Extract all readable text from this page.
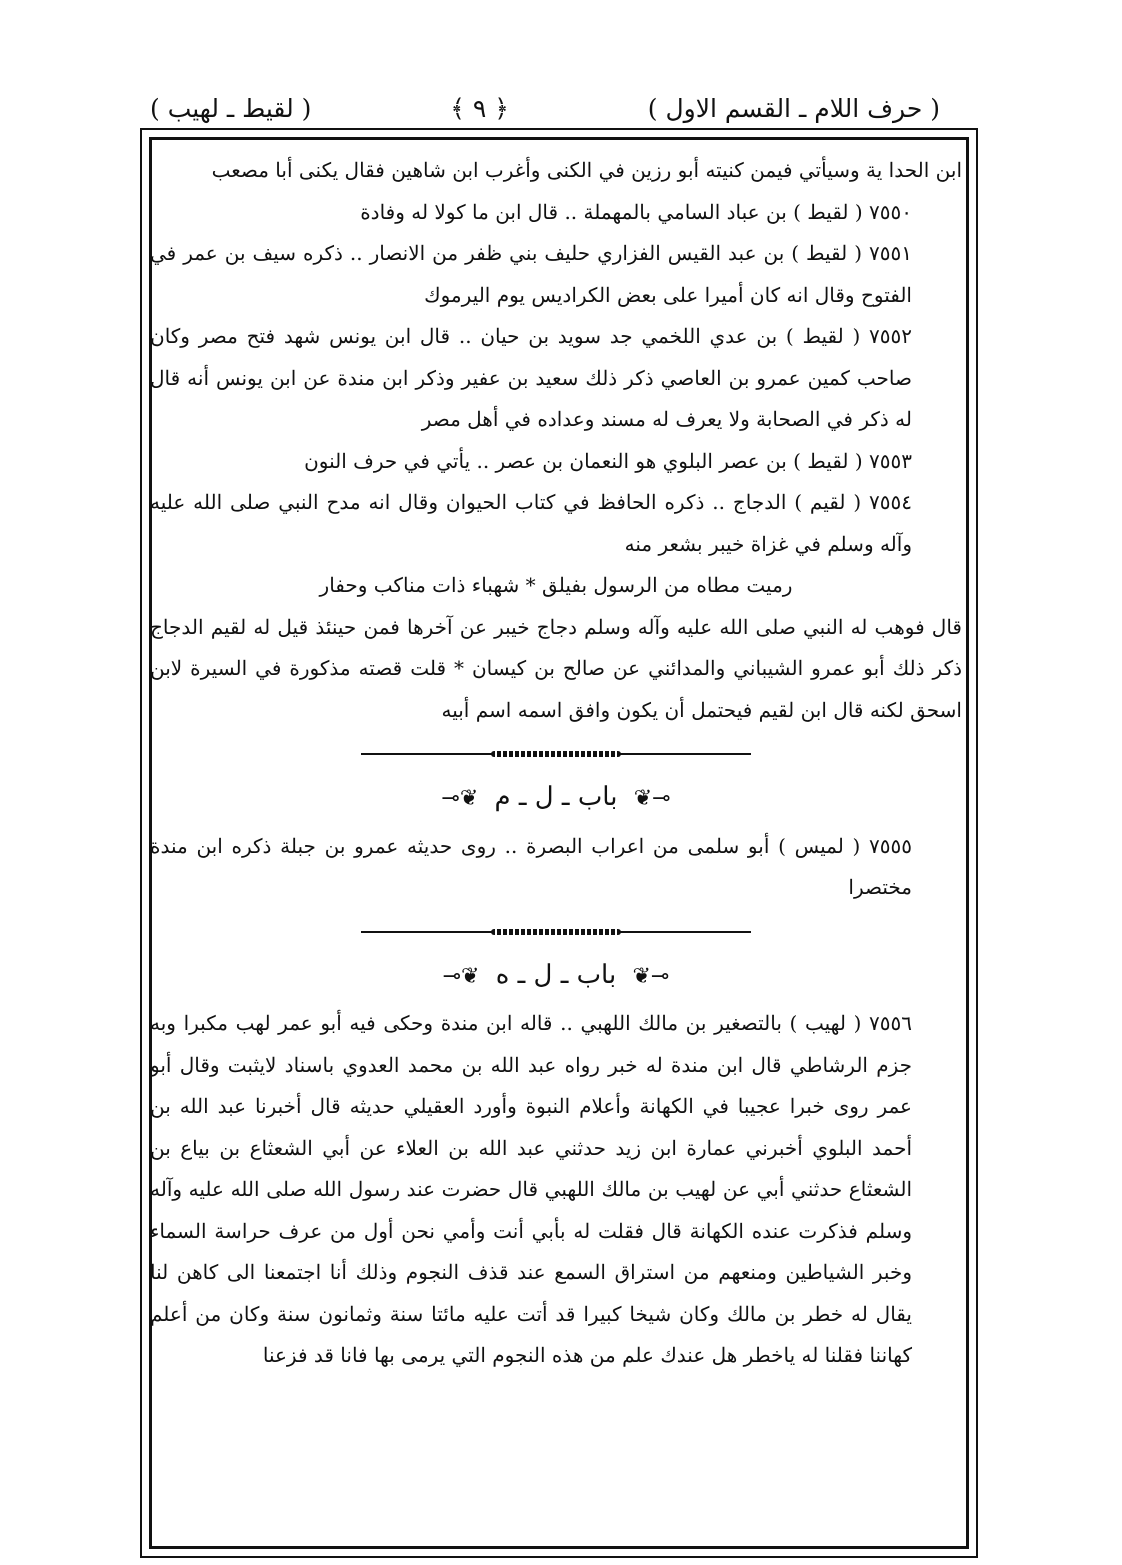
( حرف اللام ـ القسم الاول )
﴿ ٩ ﴾
( لقيط ـ لهيب )

ابن الحدا ية وسيأتي فيمن كنيته أبو رزين في الكنى وأغرب ابن شاهين فقال يكنى أبا مصعب

٧٥٥٠ ( لقيط ) بن عباد السامي بالمهملة .. قال ابن ما كولا له وفادة

٧٥٥١ ( لقيط ) بن عبد القيس الفزاري حليف بني ظفر من الانصار .. ذكره سيف بن عمر في الفتوح وقال انه كان أميرا على بعض الكراديس يوم اليرموك

٧٥٥٢ ( لقيط ) بن عدي اللخمي جد سويد بن حيان .. قال ابن يونس شهد فتح مصر وكان صاحب كمين عمرو بن العاصي ذكر ذلك سعيد بن عفير وذكر ابن مندة عن ابن يونس أنه قال له ذكر في الصحابة ولا يعرف له مسند وعداده في أهل مصر

٧٥٥٣ ( لقيط ) بن عصر البلوي هو النعمان بن عصر .. يأتي في حرف النون

٧٥٥٤ ( لقيم ) الدجاج .. ذكره الحافظ في كتاب الحيوان وقال انه مدح النبي صلى الله عليه وآله وسلم في غزاة خيبر بشعر منه

رميت مطاه من الرسول بفيلق * شهباء ذات مناكب وحفار

قال فوهب له النبي صلى الله عليه وآله وسلم دجاج خيبر عن آخرها فمن حينئذ قيل له لقيم الدجاج ذكر ذلك أبو عمرو الشيباني والمدائني عن صالح بن كيسان * قلت قصته مذكورة في السيرة لابن اسحق لكنه قال ابن لقيم فيحتمل أن يكون وافق اسمه اسم أبيه

⊸❦ باب ـ ل ـ م ❦⊸

٧٥٥٥ ( لميس ) أبو سلمى من اعراب البصرة .. روى حديثه عمرو بن جبلة ذكره ابن مندة مختصرا

⊸❦ باب ـ ل ـ ه ❦⊸

٧٥٥٦ ( لهيب ) بالتصغير بن مالك اللهبي .. قاله ابن مندة وحكى فيه أبو عمر لهب مكبرا وبه جزم الرشاطي قال ابن مندة له خبر رواه عبد الله بن محمد العدوي باسناد لايثبت وقال أبو عمر روى خبرا عجيبا في الكهانة وأعلام النبوة وأورد العقيلي حديثه قال أخبرنا عبد الله بن أحمد البلوي أخبرني عمارة ابن زيد حدثني عبد الله بن العلاء عن أبي الشعثاع بن بياع بن الشعثاع حدثني أبي عن لهيب بن مالك اللهبي قال حضرت عند رسول الله صلى الله عليه وآله وسلم فذكرت عنده الكهانة قال فقلت له بأبي أنت وأمي نحن أول من عرف حراسة السماء وخبر الشياطين ومنعهم من استراق السمع عند قذف النجوم وذلك أنا اجتمعنا الى كاهن لنا يقال له خطر بن مالك وكان شيخا كبيرا قد أتت عليه مائتا سنة وثمانون سنة وكان من أعلم كهاننا فقلنا له ياخطر هل عندك علم من هذه النجوم التي يرمى بها فانا قد فزعنا
